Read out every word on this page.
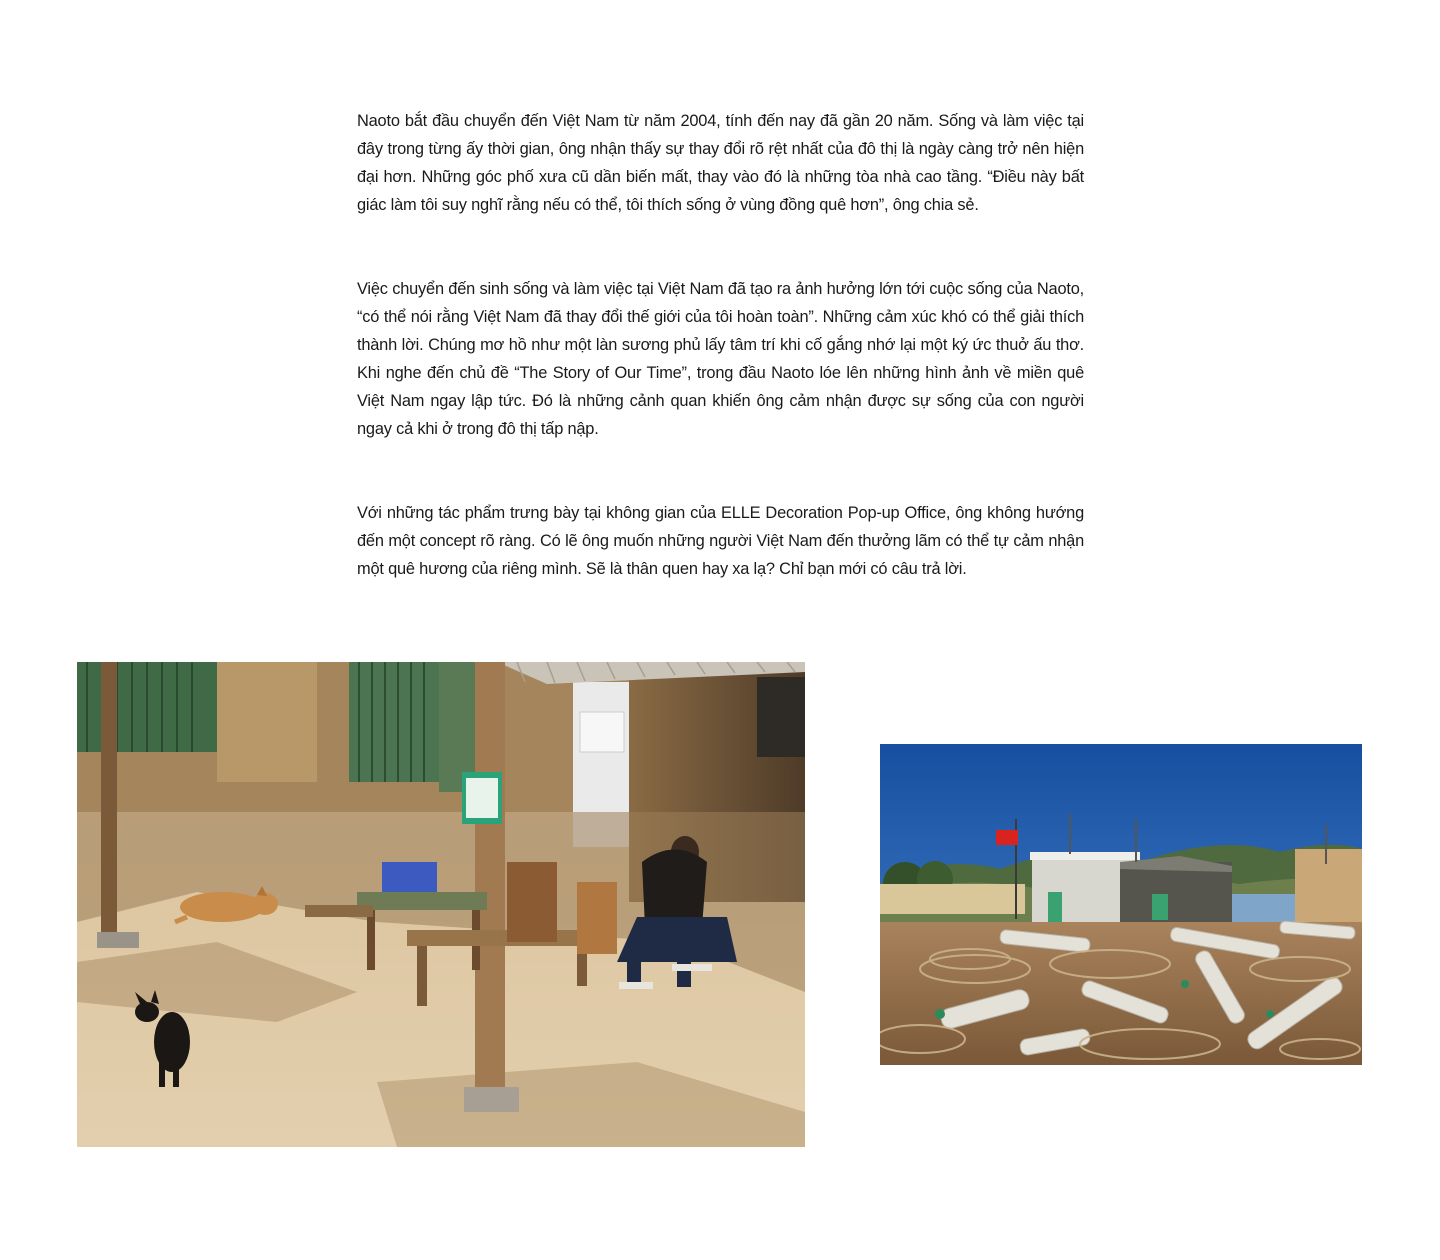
Naoto bắt đầu chuyển đến Việt Nam từ năm 2004, tính đến nay đã gần 20 năm. Sống và làm việc tại đây trong từng ấy thời gian, ông nhận thấy sự thay đổi rõ rệt nhất của đô thị là ngày càng trở nên hiện đại hơn. Những góc phố xưa cũ dần biến mất, thay vào đó là những tòa nhà cao tầng. “Điều này bất giác làm tôi suy nghĩ rằng nếu có thể, tôi thích sống ở vùng đồng quê hơn”, ông chia sẻ.

Việc chuyển đến sinh sống và làm việc tại Việt Nam đã tạo ra ảnh hưởng lớn tới cuộc sống của Naoto, “có thể nói rằng Việt Nam đã thay đổi thế giới của tôi hoàn toàn”. Những cảm xúc khó có thể giải thích thành lời. Chúng mơ hồ như một làn sương phủ lấy tâm trí khi cố gắng nhớ lại một ký ức thuở ấu thơ. Khi nghe đến chủ đề “The Story of Our Time”, trong đầu Naoto lóe lên những hình ảnh về miền quê Việt Nam ngay lập tức. Đó là những cảnh quan khiến ông cảm nhận được sự sống của con người ngay cả khi ở trong đô thị tấp nập.

Với những tác phẩm trưng bày tại không gian của ELLE Decoration Pop-up Office, ông không hướng đến một concept rõ ràng. Có lẽ ông muốn những người Việt Nam đến thưởng lãm có thể tự cảm nhận một quê hương của riêng mình. Sẽ là thân quen hay xa lạ? Chỉ bạn mới có câu trả lời.
